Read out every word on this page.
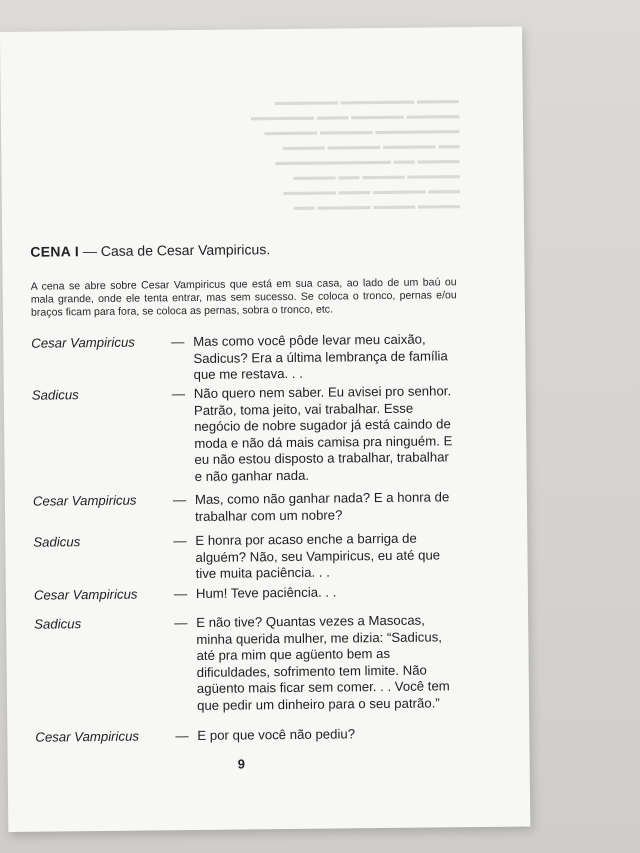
▬▬▬▬ ▬▬▬▬▬▬▬ ▬▬▬▬▬▬
▬▬▬▬▬ ▬▬▬▬▬ ▬▬▬ ▬▬▬▬▬▬
▬▬▬▬▬▬▬▬ ▬▬▬▬▬ ▬▬▬▬▬
▬▬ ▬▬▬▬▬ ▬▬▬▬▬ ▬▬▬▬
▬▬▬▬ ▬▬ ▬▬▬▬▬▬▬▬▬▬▬
▬▬▬▬▬ ▬▬▬▬ ▬▬ ▬▬▬▬
▬▬▬ ▬▬▬▬▬ ▬▬▬ ▬▬▬▬▬
▬▬▬▬ ▬▬▬▬ ▬▬▬▬▬ ▬▬
CENA I — Casa de Cesar Vampiricus.
A cena se abre sobre Cesar Vampiricus que está em sua casa, ao lado de um baú ou mala grande, onde ele tenta entrar, mas sem sucesso. Se coloca o tronco, pernas e/ou braços ficam para fora, se coloca as pernas, sobra o tronco, etc.
Cesar Vampiricus	— Mas como você pôde levar meu caixão, Sadicus? Era a última lembrança de família que me restava. . .
Sadicus	— Não quero nem saber. Eu avisei pro senhor. Patrão, toma jeito, vai trabalhar. Esse negócio de nobre sugador já está caindo de moda e não dá mais camisa pra ninguém. E eu não estou disposto a trabalhar, trabalhar e não ganhar nada.
Cesar Vampiricus	— Mas, como não ganhar nada? E a honra de trabalhar com um nobre?
Sadicus	— E honra por acaso enche a barriga de alguém? Não, seu Vampiricus, eu até que tive muita paciência. . .
Cesar Vampiricus	— Hum! Teve paciência. . .
Sadicus	— E não tive? Quantas vezes a Masocas, minha querida mulher, me dizia: “Sadicus, até pra mim que agüento bem as dificuldades, sofrimento tem limite. Não agüento mais ficar sem comer. . . Você tem que pedir um dinheiro para o seu patrão.”
Cesar Vampiricus	— E por que você não pediu?
9
